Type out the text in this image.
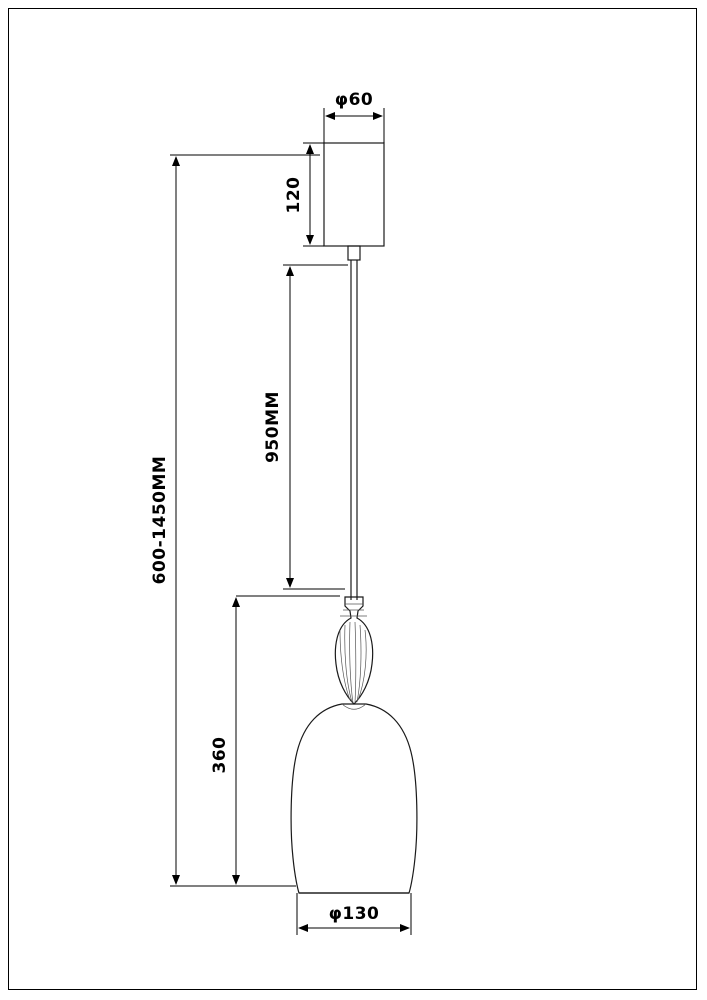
φ60
120
950MM
600-1450MM
360
φ130
